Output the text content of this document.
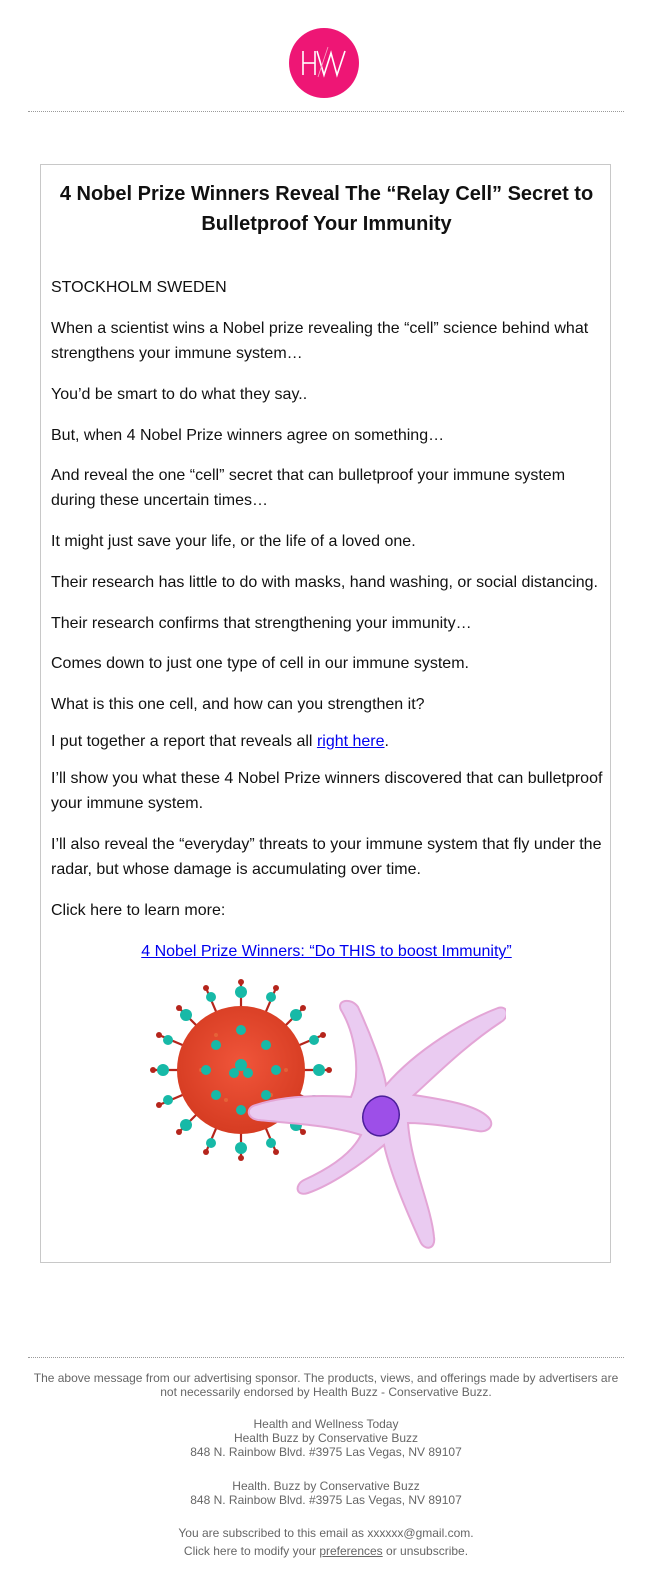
4 Nobel Prize Winners Reveal The “Relay Cell” Secret to Bulletproof Your Immunity

STOCKHOLM SWEDEN

When a scientist wins a Nobel prize revealing the “cell” science behind what strengthens your immune system…

You’d be smart to do what they say..

But, when 4 Nobel Prize winners agree on something…

And reveal the one “cell” secret that can bulletproof your immune system during these uncertain times…

It might just save your life, or the life of a loved one.

Their research has little to do with masks, hand washing, or social distancing.

Their research confirms that strengthening your immunity…

Comes down to just one type of cell in our immune system.

What is this one cell, and how can you strengthen it?

I put together a report that reveals all right here.

I’ll show you what these 4 Nobel Prize winners discovered that can bulletproof your immune system.

I’ll also reveal the “everyday” threats to your immune system that fly under the radar, but whose damage is accumulating over time.

Click here to learn more:

4 Nobel Prize Winners: “Do THIS to boost Immunity”
The above message from our advertising sponsor. The products, views, and offerings made by advertisers are not necessarily endorsed by Health Buzz - Conservative Buzz.
Health and Wellness Today
Health Buzz by Conservative Buzz
848 N. Rainbow Blvd. #3975 Las Vegas, NV 89107
Health. Buzz by Conservative Buzz
848 N. Rainbow Blvd. #3975 Las Vegas, NV 89107
You are subscribed to this email as xxxxxx@gmail.com.
Click here to modify your preferences or unsubscribe.
